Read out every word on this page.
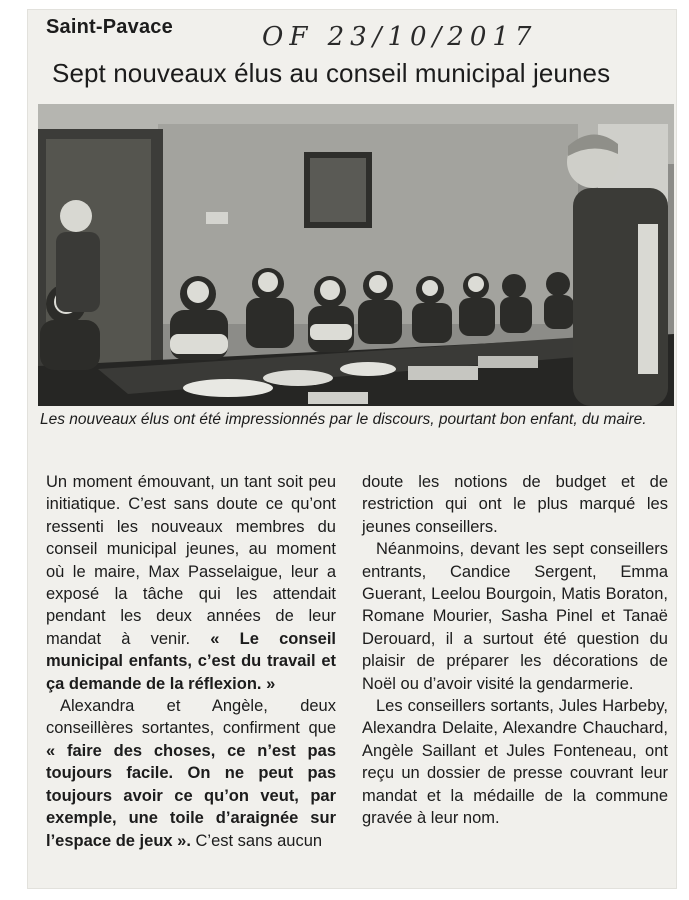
Saint-Pavace	OF 23/10/2017
Sept nouveaux élus au conseil municipal jeunes
Les nouveaux élus ont été impressionnés par le discours, pourtant bon enfant, du maire.

Un moment émouvant, un tant soit peu initiatique. C’est sans doute ce qu’ont ressenti les nouveaux membres du conseil municipal jeunes, au moment où le maire, Max Passelaigue, leur a exposé la tâche qui les attendait pendant les deux années de leur mandat à venir. « Le conseil municipal enfants, c’est du travail et ça demande de la réflexion. »

Alexandra et Angèle, deux conseillères sortantes, confirment que « faire des choses, ce n’est pas toujours facile. On ne peut pas toujours avoir ce qu’on veut, par exemple, une toile d’araignée sur l’espace de jeux ». C’est sans aucun

doute les notions de budget et de restriction qui ont le plus marqué les jeunes conseillers.

Néanmoins, devant les sept conseillers entrants, Candice Sergent, Emma Guerant, Leelou Bourgoin, Matis Boraton, Romane Mourier, Sasha Pinel et Tanaë Derouard, il a surtout été question du plaisir de préparer les décorations de Noël ou d’avoir visité la gendarmerie.

Les conseillers sortants, Jules Harbeby, Alexandra Delaite, Alexandre Chauchard, Angèle Saillant et Jules Fonteneau, ont reçu un dossier de presse couvrant leur mandat et la médaille de la commune gravée à leur nom.
